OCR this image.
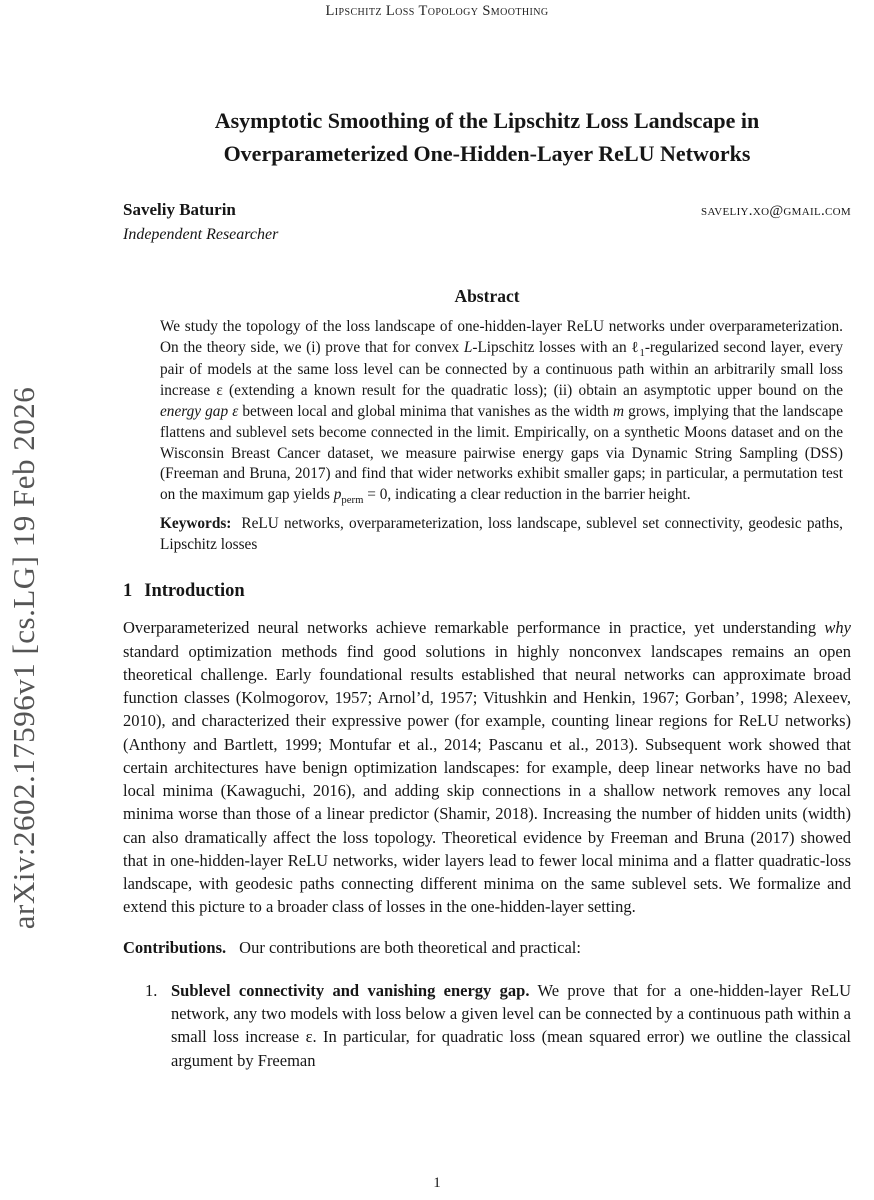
Lipschitz Loss Topology Smoothing
arXiv:2602.17596v1 [cs.LG] 19 Feb 2026
Asymptotic Smoothing of the Lipschitz Loss Landscape in Overparameterized One-Hidden-Layer ReLU Networks
Saveliy Baturin	saveliy.xo@gmail.com
Independent Researcher
Abstract

We study the topology of the loss landscape of one-hidden-layer ReLU networks under overparameterization. On the theory side, we (i) prove that for convex L-Lipschitz losses with an ℓ$_1$-regularized second layer, every pair of models at the same loss level can be connected by a continuous path within an arbitrarily small loss increase ε (extending a known result for the quadratic loss); (ii) obtain an asymptotic upper bound on the energy gap ε between local and global minima that vanishes as the width m grows, implying that the landscape flattens and sublevel sets become connected in the limit. Empirically, on a synthetic Moons dataset and on the Wisconsin Breast Cancer dataset, we measure pairwise energy gaps via Dynamic String Sampling (DSS) (Freeman and Bruna, 2017) and find that wider networks exhibit smaller gaps; in particular, a permutation test on the maximum gap yields $p_{perm} = 0$, indicating a clear reduction in the barrier height.

Keywords: ReLU networks, overparameterization, loss landscape, sublevel set connectivity, geodesic paths, Lipschitz losses

1 Introduction

Overparameterized neural networks achieve remarkable performance in practice, yet understanding why standard optimization methods find good solutions in highly nonconvex landscapes remains an open theoretical challenge. Early foundational results established that neural networks can approximate broad function classes (Kolmogorov, 1957; Arnol’d, 1957; Vitushkin and Henkin, 1967; Gorban’, 1998; Alexeev, 2010), and characterized their expressive power (for example, counting linear regions for ReLU networks) (Anthony and Bartlett, 1999; Montufar et al., 2014; Pascanu et al., 2013). Subsequent work showed that certain architectures have benign optimization landscapes: for example, deep linear networks have no bad local minima (Kawaguchi, 2016), and adding skip connections in a shallow network removes any local minima worse than those of a linear predictor (Shamir, 2018). Increasing the number of hidden units (width) can also dramatically affect the loss topology. Theoretical evidence by Freeman and Bruna (2017) showed that in one-hidden-layer ReLU networks, wider layers lead to fewer local minima and a flatter quadratic-loss landscape, with geodesic paths connecting different minima on the same sublevel sets. We formalize and extend this picture to a broader class of losses in the one-hidden-layer setting.

Contributions. Our contributions are both theoretical and practical:

1. Sublevel connectivity and vanishing energy gap. We prove that for a one-hidden-layer ReLU network, any two models with loss below a given level can be connected by a continuous path within a small loss increase ε. In particular, for quadratic loss (mean squared error) we outline the classical argument by Freeman
1
